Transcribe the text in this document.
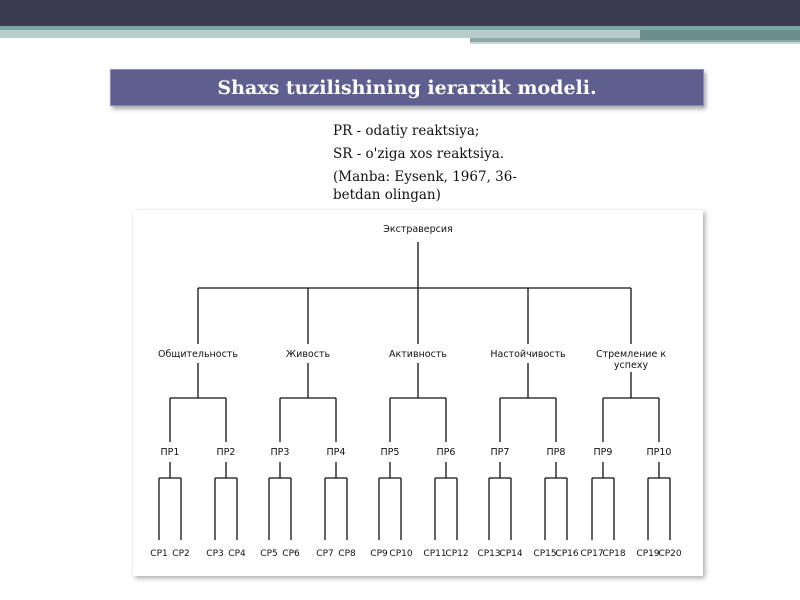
Shaxs tuzilishining ierarxik modeli.
PR - odatiy reaktsiya;
SR - o'ziga xos reaktsiya.
(Manba: Eysenk, 1967, 36-betdan olingan)
Экстраверсия
Общительность
ПР1
СР1 СР2
ПР2
СР3 СР4
Живость
ПР3
СР5 СР6
ПР4
СР7 СР8
Активность
ПР5
СР9 СР10
ПР6
СР11
СР12
Настойчивость
ПР7
СР13
СР14
ПР8
СР15
СР16
Стремление к
успеху
ПР9
СР17
СР18
ПР10
СР19
СР20
